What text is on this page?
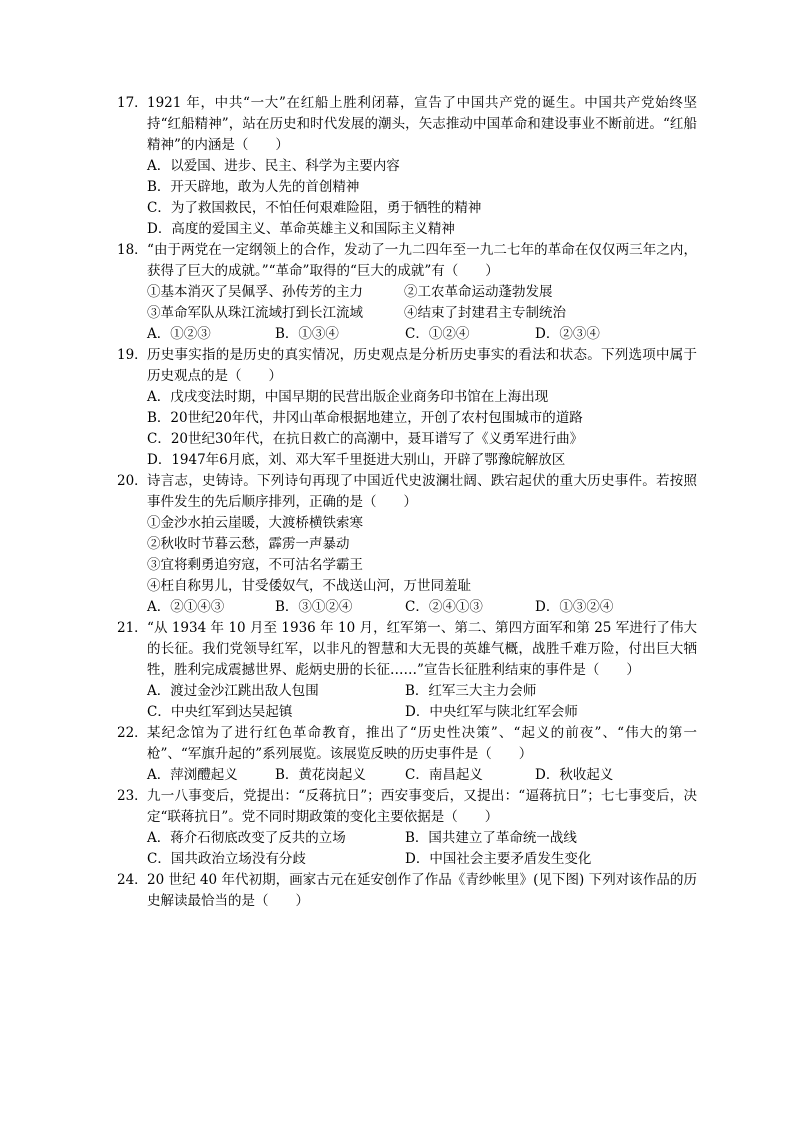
17． 1921 年，中共“一大”在红船上胜利闭幕，宣告了中国共产党的诞生。中国共产党始终坚持“红船精神”，站在历史和时代发展的潮头，矢志推动中国革命和建设事业不断前进。“红船精神”的内涵是（　　）
A．以爱国、进步、民主、科学为主要内容
B．开天辟地，敢为人先的首创精神
C．为了救国救民，不怕任何艰难险阻，勇于牺牲的精神
D．高度的爱国主义、革命英雄主义和国际主义精神
18． “由于两党在一定纲领上的合作，发动了一九二四年至一九二七年的革命在仅仅两三年之内，获得了巨大的成就。”“革命”取得的“巨大的成就”有（　　）
①基本消灭了吴佩孚、孙传芳的主力	②工农革命运动蓬勃发展
③革命军队从珠江流域打到长江流域	④结束了封建君主专制统治
A．①②③	B．①③④	C．①②④	D．②③④
19． 历史事实指的是历史的真实情况，历史观点是分析历史事实的看法和状态。下列选项中属于历史观点的是（　　）
A．戊戌变法时期，中国早期的民营出版企业商务印书馆在上海出现
B．20世纪20年代，井冈山革命根据地建立，开创了农村包围城市的道路
C．20世纪30年代，在抗日救亡的高潮中，聂耳谱写了《义勇军进行曲》
D．1947年6月底，刘、邓大军千里挺进大别山，开辟了鄂豫皖解放区
20． 诗言志，史铸诗。下列诗句再现了中国近代史波澜壮阔、跌宕起伏的重大历史事件。若按照事件发生的先后顺序排列，正确的是（　　）
①金沙水拍云崖暖，大渡桥横铁索寒
②秋收时节暮云愁，霹雳一声暴动
③宜将剩勇追穷寇，不可沽名学霸王
④枉自称男儿，甘受倭奴气，不战送山河，万世同羞耻
A．②①④③	B．③①②④	C．②④①③	D．①③②④
21． “从 1934 年 10 月至 1936 年 10 月，红军第一、第二、第四方面军和第 25 军进行了伟大的长征。我们党领导红军，以非凡的智慧和大无畏的英雄气概，战胜千难万险，付出巨大牺牲，胜利完成震撼世界、彪炳史册的长征……”宣告长征胜利结束的事件是（　　）
A．渡过金沙江跳出敌人包围	B．红军三大主力会师
C．中央红军到达吴起镇	D．中央红军与陕北红军会师
22． 某纪念馆为了进行红色革命教育，推出了“历史性决策”、“起义的前夜”、“伟大的第一枪”、“军旗升起的”系列展览。该展览反映的历史事件是（　　）
A．萍浏醴起义	B．黄花岗起义	C．南昌起义	D．秋收起义
23． 九一八事变后，党提出：“反蒋抗日”；西安事变后，又提出：“逼蒋抗日”；七七事变后，决定“联蒋抗日”。党不同时期政策的变化主要依据是（　　）
A．蒋介石彻底改变了反共的立场	B．国共建立了革命统一战线
C．国共政治立场没有分歧	D．中国社会主要矛盾发生变化
24． 20 世纪 40 年代初期，画家古元在延安创作了作品《青纱帐里》(见下图) 下列对该作品的历史解读最恰当的是（　　）
